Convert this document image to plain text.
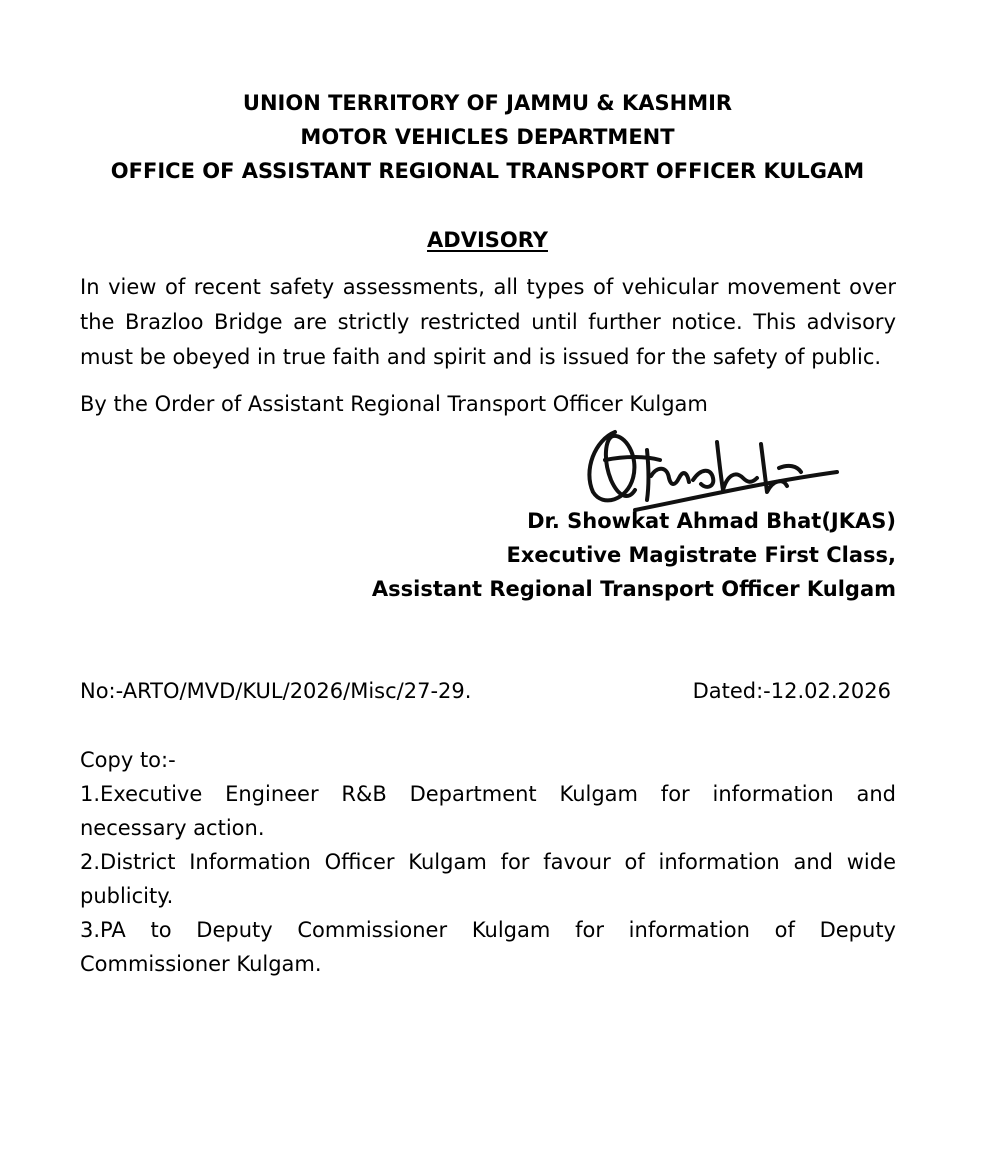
UNION TERRITORY OF JAMMU & KASHMIR
MOTOR VEHICLES DEPARTMENT
OFFICE OF ASSISTANT REGIONAL TRANSPORT OFFICER KULGAM
ADVISORY
In view of recent safety assessments, all types of vehicular movement over
the Brazloo Bridge are strictly restricted until further notice. This advisory
must be obeyed in true faith and spirit and is issued for the safety of public.
By the Order of Assistant Regional Transport Officer Kulgam
Dr. Showkat Ahmad Bhat(JKAS)
Executive Magistrate First Class,
Assistant Regional Transport Officer Kulgam
No:-ARTO/MVD/KUL/2026/Misc/27-29.	Dated:-12.02.2026
Copy to:-
1.Executive Engineer R&B Department Kulgam for information and
necessary action.
2.District Information Officer Kulgam for favour of information and wide
publicity.
3.PA to Deputy Commissioner Kulgam for information of Deputy
Commissioner Kulgam.
